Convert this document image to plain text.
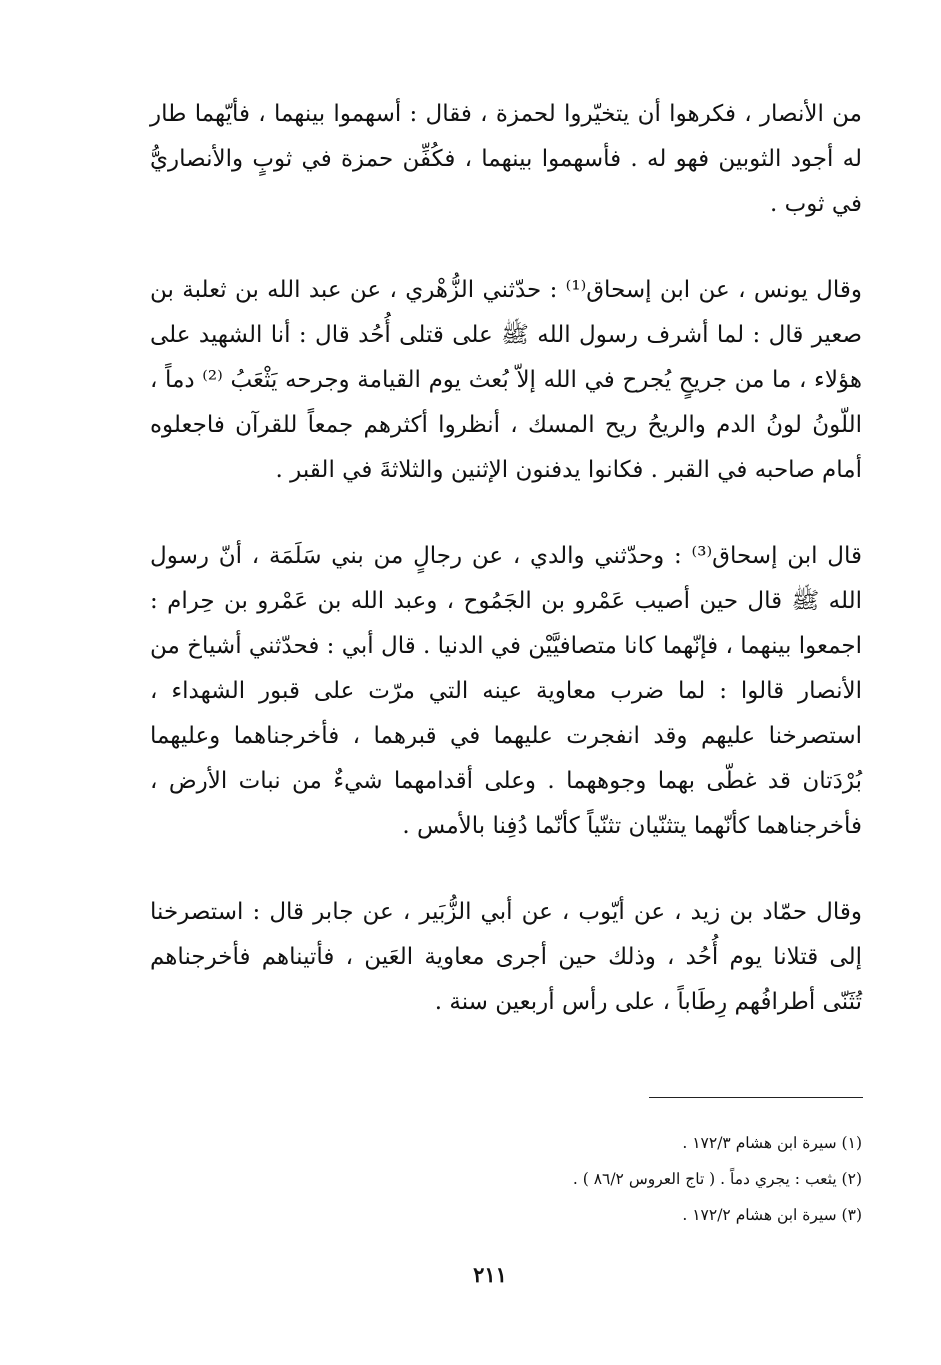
من الأنصار ، فكرهوا أن يتخيّروا لحمزة ، فقال : أسهموا بينهما ، فأيّهما طار له أجود الثوبين فهو له . فأسهموا بينهما ، فكُفِّن حمزة في ثوبٍ والأنصاريُّ في ثوب .

وقال يونس ، عن ابن إسحاق⁽¹⁾ : حدّثني الزُّهْري ، عن عبد الله بن ثعلبة بن صعير قال : لما أشرف رسول الله ﷺ على قتلى أُحُد قال : أنا الشهيد على هؤلاء ، ما من جريحٍ يُجرح في الله إلاّ بُعث يوم القيامة وجرحه يَثْعَبُ ⁽²⁾ دماً ، اللّونُ لونُ الدم والريحُ ريح المسك ، أنظروا أكثرهم جمعاً للقرآن فاجعلوه أمام صاحبه في القبر . فكانوا يدفنون الإثنين والثلاثةَ في القبر .

قال ابن إسحاق⁽³⁾ : وحدّثني والدي ، عن رجالٍ من بني سَلَمَة ، أنّ رسول الله ﷺ قال حين أصيب عَمْرو بن الجَمُوح ، وعبد الله بن عَمْرو بن حِرام : اجمعوا بينهما ، فإنّهما كانا متصافيَّيْن في الدنيا . قال أبي : فحدّثني أشياخ من الأنصار قالوا : لما ضرب معاوية عينه التي مرّت على قبور الشهداء ، استصرخنا عليهم وقد انفجرت عليهما في قبرهما ، فأخرجناهما وعليهما بُرْدَتان قد غطّى بهما وجوههما . وعلى أقدامهما شيءٌ من نبات الأرض ، فأخرجناهما كأنّهما يتثنّيان تثنّياً كأنّما دُفِنا بالأمس .

وقال حمّاد بن زيد ، عن أيّوب ، عن أبي الزُّبَير ، عن جابر قال : استصرخنا إلى قتلانا يوم أُحُد ، وذلك حين أجرى معاوية العَين ، فأتيناهم فأخرجناهم تُثَنّى أطرافُهم رِطَاباً ، على رأس أربعين سنة .

(١) سيرة ابن هشام ١٧٢/٣ .

(٢) يثعب : يجري دماً . ( تاج العروس ٨٦/٢ ) .

(٣) سيرة ابن هشام ١٧٢/٢ .

٢١١
